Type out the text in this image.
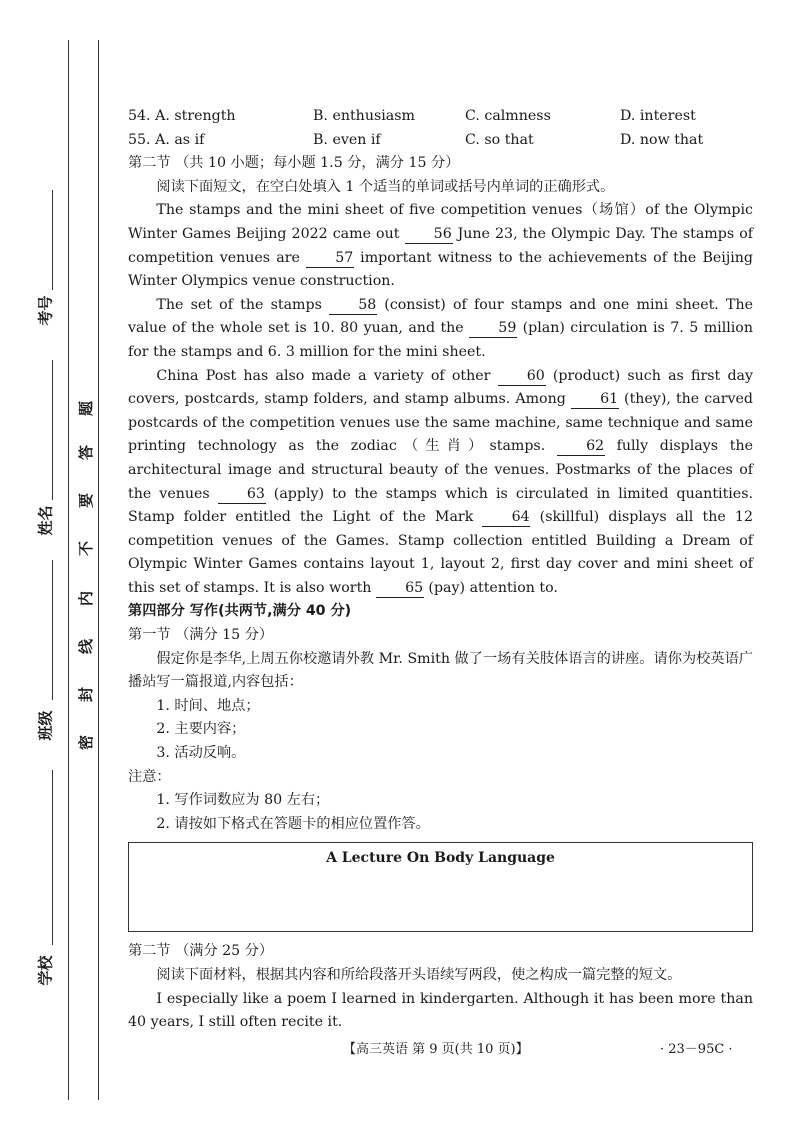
考号
姓名
班级
学校
题
答
要
不
内
线
封
密
54. A. strength	B. enthusiasm	C. calmness	D. interest
55. A. as if	B. even if	C. so that	D. now that

第二节 （共 10 小题；每小题 1.5 分，满分 15 分）

阅读下面短文，在空白处填入 1 个适当的单词或括号内单词的正确形式。

The stamps and the mini sheet of five competition venues（场馆）of the Olympic Winter Games Beijing 2022 came out 56 June 23, the Olympic Day. The stamps of competition venues are 57 important witness to the achievements of the Beijing Winter Olympics venue construction.

The set of the stamps 58 (consist) of four stamps and one mini sheet. The value of the whole set is 10. 80 yuan, and the 59 (plan) circulation is 7. 5 million for the stamps and 6. 3 million for the mini sheet.

China Post has also made a variety of other 60 (product) such as first day covers, postcards, stamp folders, and stamp albums. Among 61 (they), the carved postcards of the competition venues use the same machine, same technique and same printing technology as the zodiac（生肖）stamps. 62 fully displays the architectural image and structural beauty of the venues. Postmarks of the places of the venues 63 (apply) to the stamps which is circulated in limited quantities. Stamp folder entitled the Light of the Mark 64 (skillful) displays all the 12 competition venues of the Games. Stamp collection entitled Building a Dream of Olympic Winter Games contains layout 1, layout 2, first day cover and mini sheet of this set of stamps. It is also worth 65 (pay) attention to.

第四部分 写作(共两节,满分 40 分)

第一节 （满分 15 分）

假定你是李华,上周五你校邀请外教 Mr. Smith 做了一场有关肢体语言的讲座。请你为校英语广播站写一篇报道,内容包括：

1. 时间、地点；

2. 主要内容；

3. 活动反响。

注意：

1. 写作词数应为 80 左右；

2. 请按如下格式在答题卡的相应位置作答。

A Lecture On Body Language

第二节 （满分 25 分）

阅读下面材料，根据其内容和所给段落开头语续写两段，使之构成一篇完整的短文。

I especially like a poem I learned in kindergarten. Although it has been more than 40 years, I still often recite it.

【高三英语 第 9 页(共 10 页)】	· 23－95C ·
